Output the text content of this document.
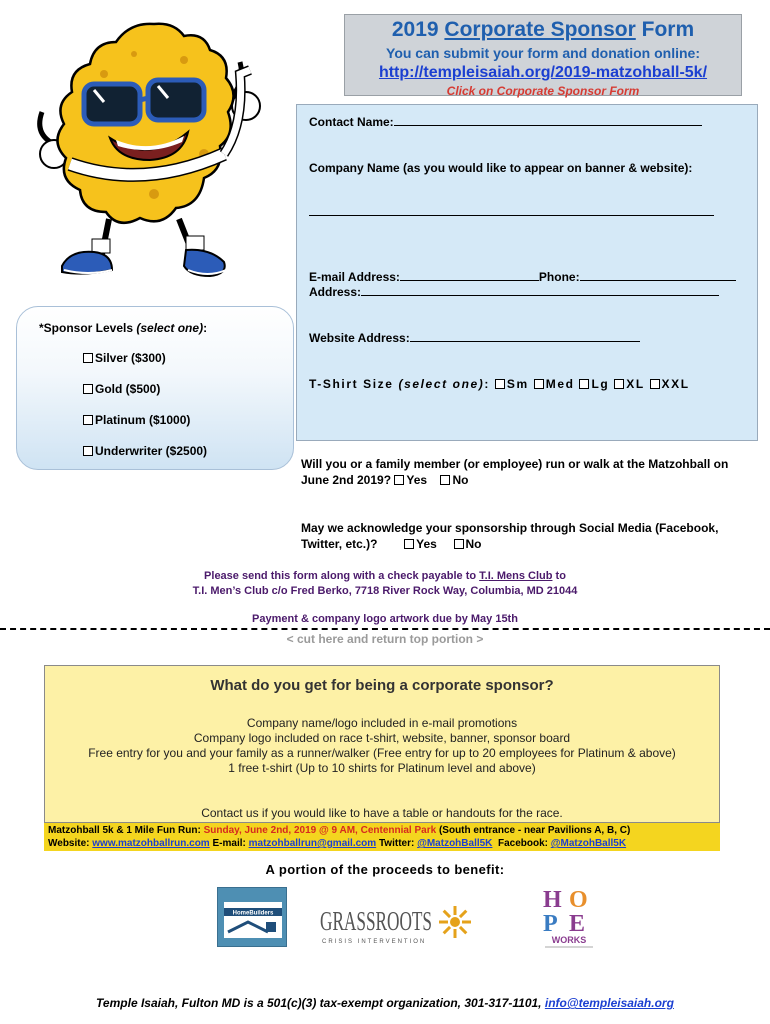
2019 Corporate Sponsor Form
You can submit your form and donation online:
http://templeisaiah.org/2019-matzohball-5k/
Click on Corporate Sponsor Form
Contact Name:
Company Name (as you would like to appear on banner & website):
E-mail Address:	Phone:
Address:
Website Address:
T-Shirt Size (select one): Sm Med Lg XL XXL
*Sponsor Levels (select one):
Silver ($300)
Gold ($500)
Platinum ($1000)
Underwriter ($2500)
Will you or a family member (or employee) run or walk at the Matzohball on June 2nd 2019? Yes No
May we acknowledge your sponsorship through Social Media (Facebook, Twitter, etc.)?	Yes No
Please send this form along with a check payable to T.I. Mens Club to
T.I. Men’s Club c/o Fred Berko, 7718 River Rock Way, Columbia, MD 21044
Payment & company logo artwork due by May 15th
< cut here and return top portion >
What do you get for being a corporate sponsor?
Company name/logo included in e-mail promotions
Company logo included on race t-shirt, website, banner, sponsor board
Free entry for you and your family as a runner/walker (Free entry for up to 20 employees for Platinum & above)
1 free t-shirt (Up to 10 shirts for Platinum level and above)
Contact us if you would like to have a table or handouts for the race.
Matzohball 5k & 1 Mile Fun Run: Sunday, June 2nd, 2019 @ 9 AM, Centennial Park (South entrance - near Pavilions A, B, C)
Website: www.matzohballrun.com E-mail: matzohballrun@gmail.com Twitter: @MatzohBall5K Facebook: @MatzohBall5K
A portion of the proceeds to benefit:
HomeBuilders GRASSROOTS
CRISIS INTERVENTION
H O
P E
WORKS
Temple Isaiah, Fulton MD is a 501(c)(3) tax-exempt organization, 301-317-1101, info@templeisaiah.org
